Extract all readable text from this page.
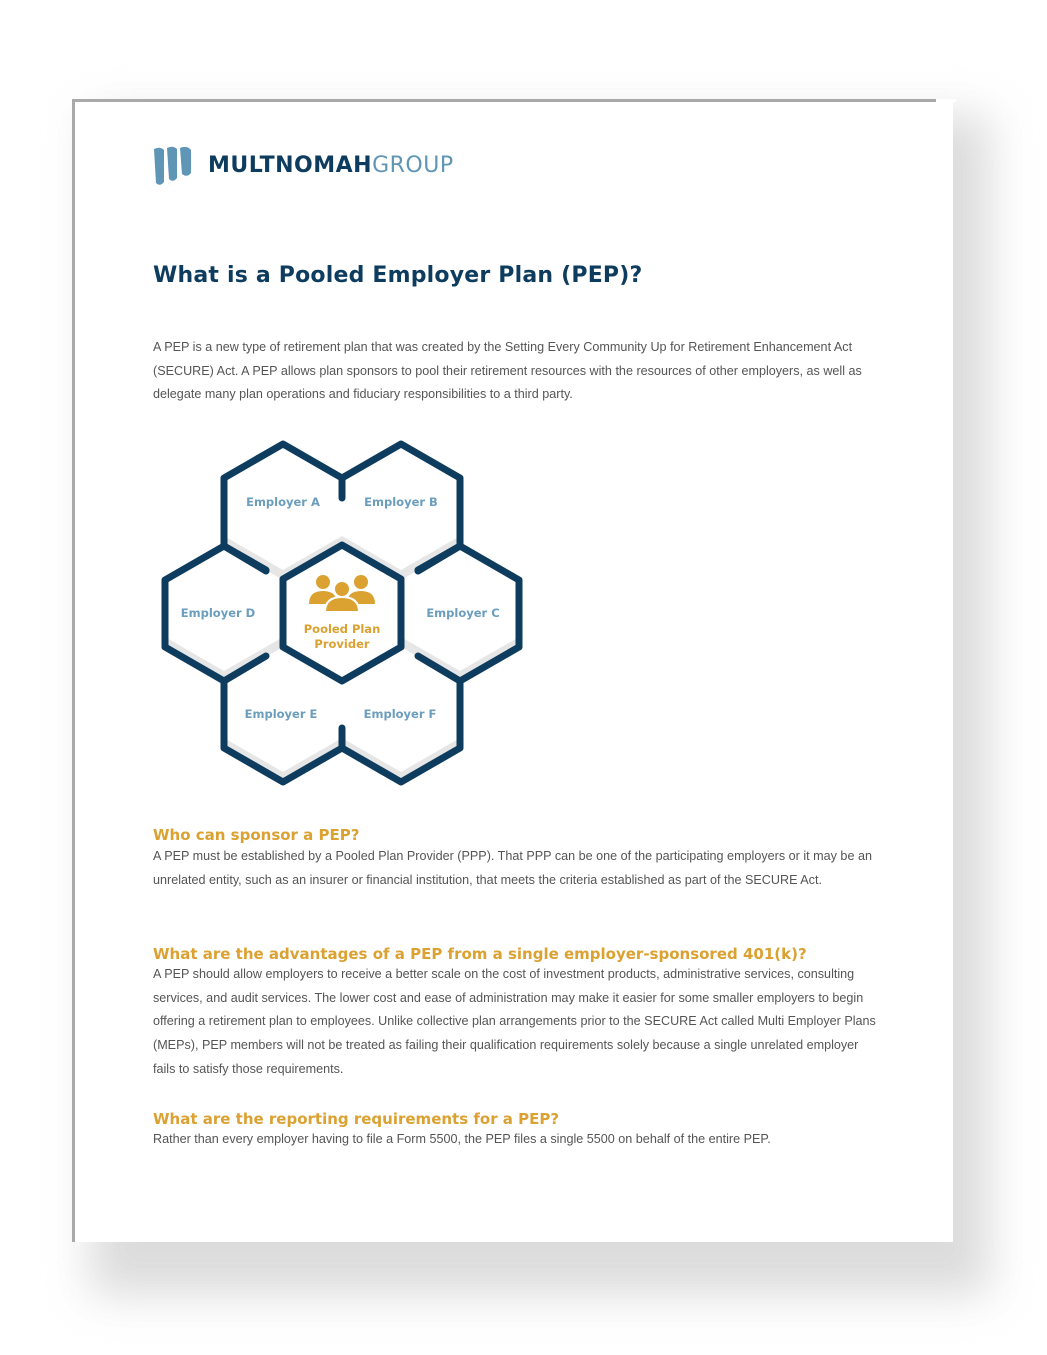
MULTNOMAHGROUP
What is a Pooled Employer Plan (PEP)?

A PEP is a new type of retirement plan that was created by the Setting Every Community Up for Retirement Enhancement Act (SECURE) Act. A PEP allows plan sponsors to pool their retirement resources with the resources of other employers, as well as delegate many plan operations and fiduciary responsibilities to a third party.

Pooled Plan
Provider
Employer A	Employer B
Employer C
Employer D
Employer E	Employer F
Who can sponsor a PEP?

A PEP must be established by a Pooled Plan Provider (PPP). That PPP can be one of the participating employers or it may be an unrelated entity, such as an insurer or financial institution, that meets the criteria established as part of the SECURE Act.

What are the advantages of a PEP from a single employer-sponsored 401(k)?

A PEP should allow employers to receive a better scale on the cost of investment products, administrative services, consulting services, and audit services. The lower cost and ease of administration may make it easier for some smaller employers to begin offering a retirement plan to employees. Unlike collective plan arrangements prior to the SECURE Act called Multi Employer Plans (MEPs), PEP members will not be treated as failing their qualification requirements solely because a single unrelated employer fails to satisfy those requirements.

What are the reporting requirements for a PEP?

Rather than every employer having to file a Form 5500, the PEP files a single 5500 on behalf of the entire PEP.
